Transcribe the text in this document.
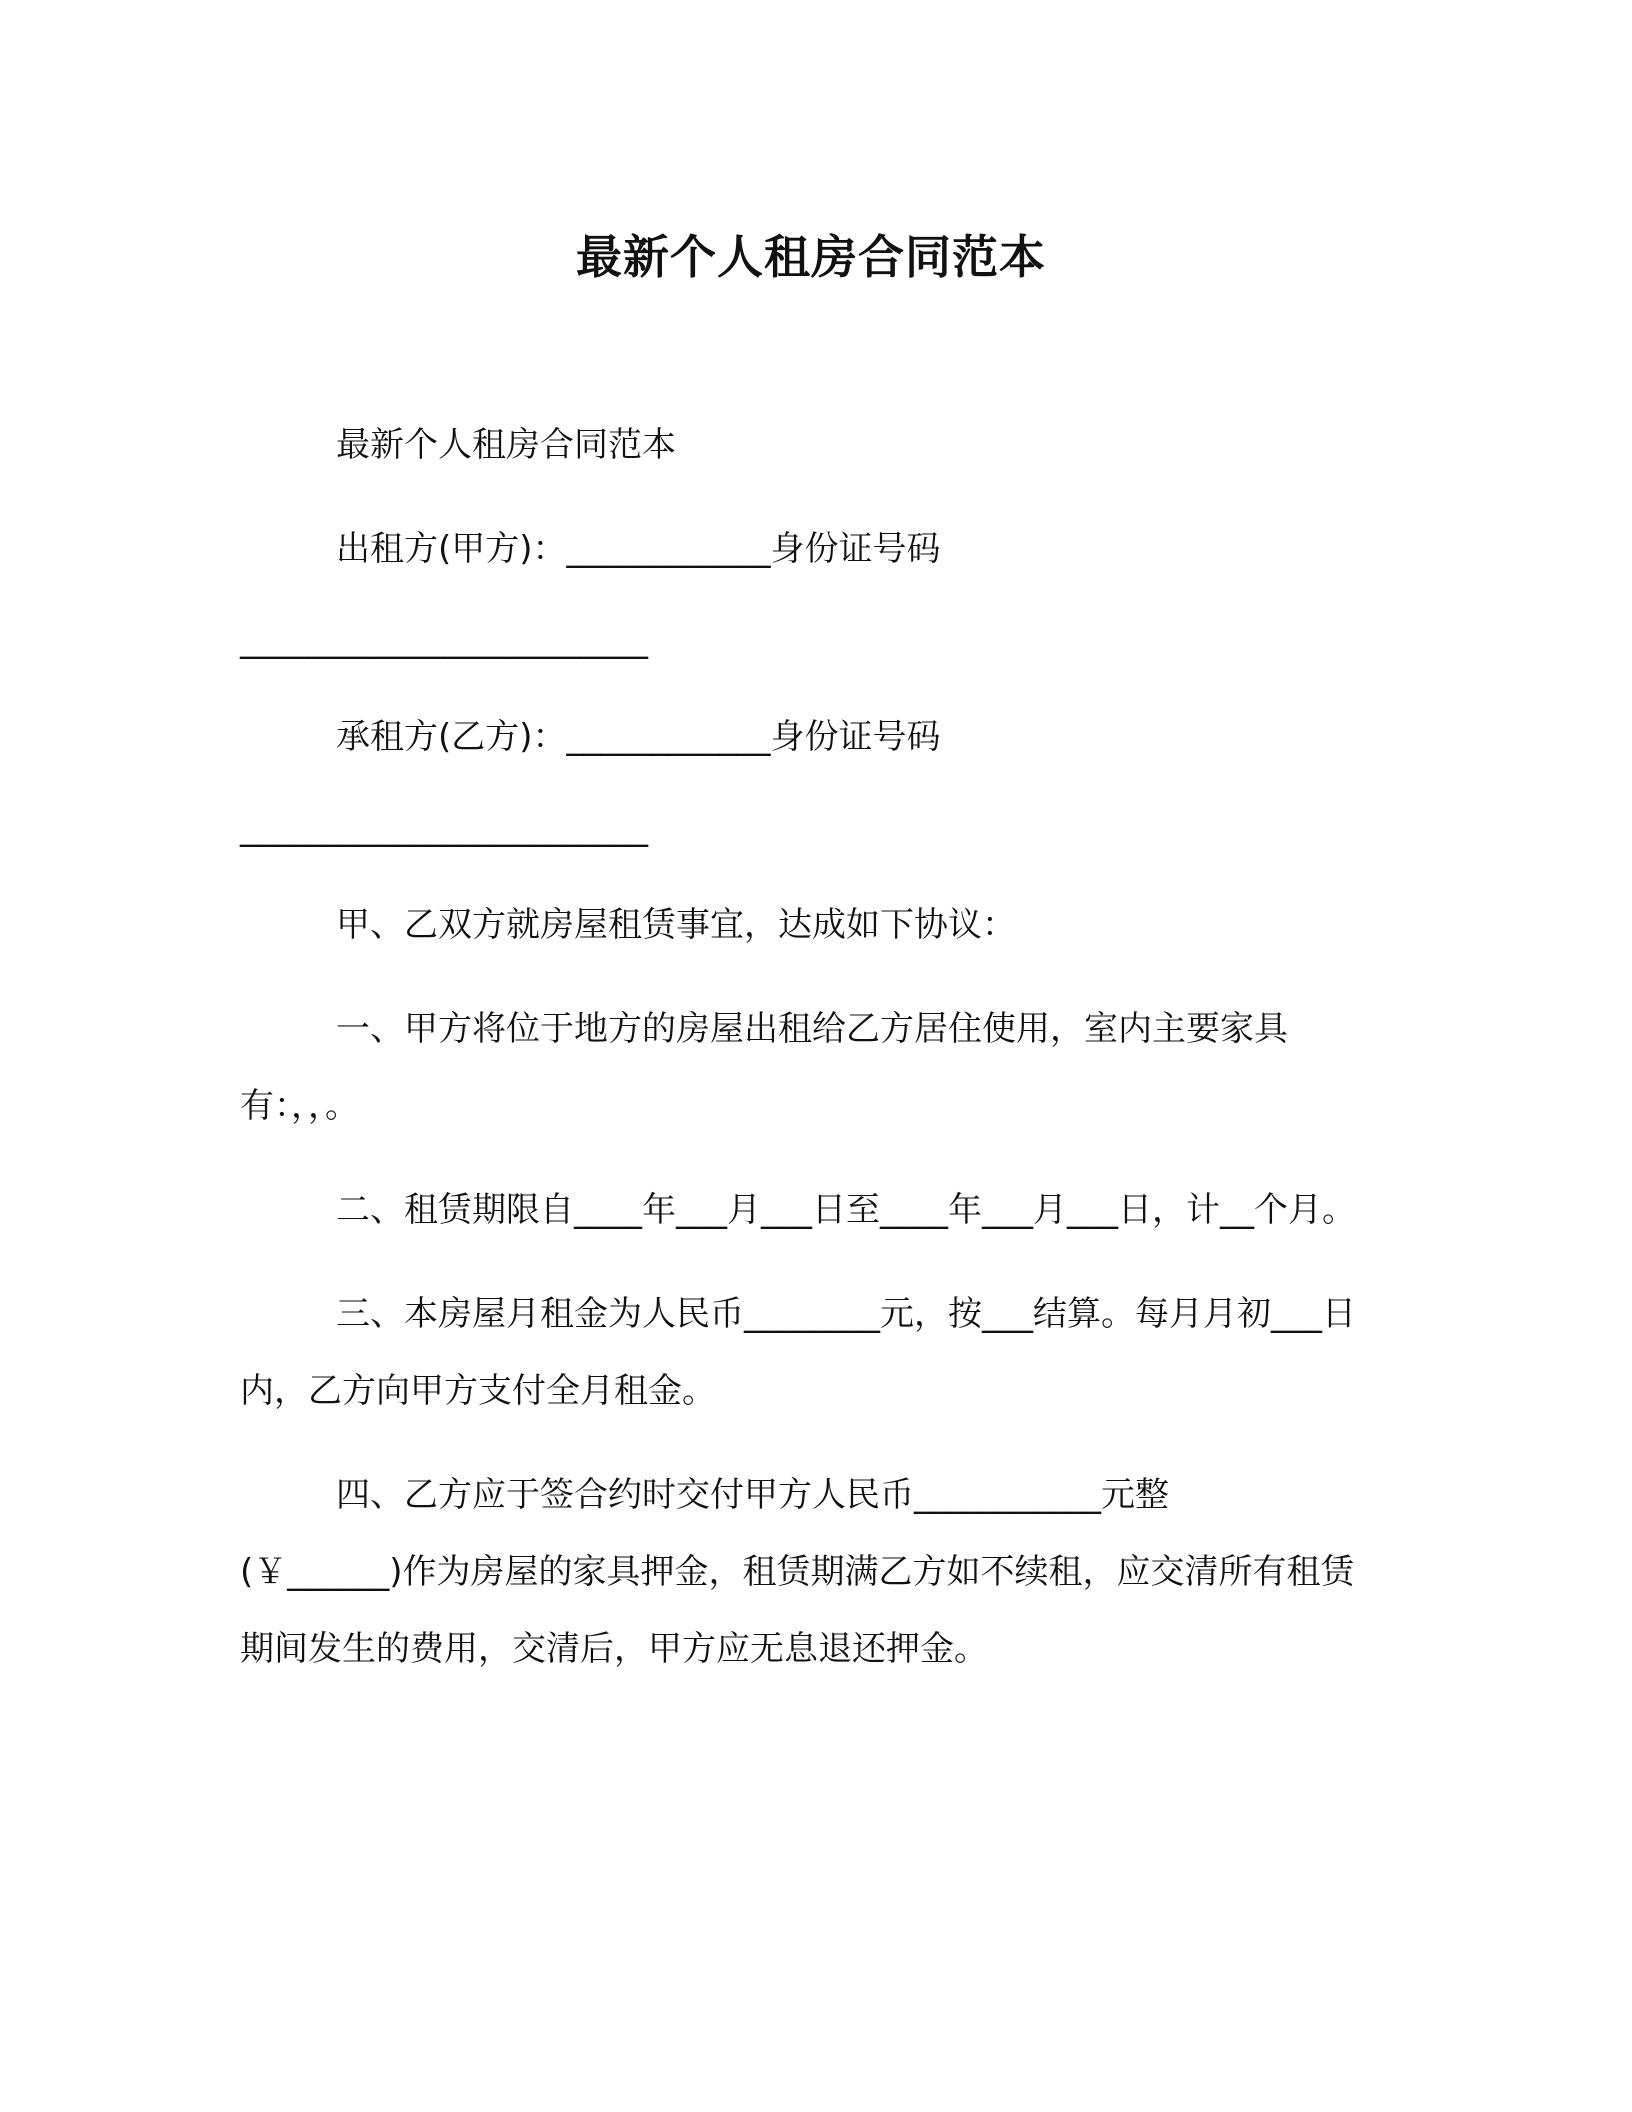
最新个人租房合同范本

最新个人租房合同范本

出租方(甲方)：____________身份证号码

________________________

承租方(乙方)：____________身份证号码

________________________

甲、乙双方就房屋租赁事宜，达成如下协议：

一、甲方将位于地方的房屋出租给乙方居住使用，室内主要家具有：，，。

二、租赁期限自____年___月___日至____年___月___日，计__个月。

三、本房屋月租金为人民币________元，按___结算。每月月初___日内，乙方向甲方支付全月租金。

四、乙方应于签合约时交付甲方人民币___________元整
(￥______)作为房屋的家具押金，租赁期满乙方如不续租，应交清所有租赁期间发生的费用，交清后，甲方应无息退还押金。
